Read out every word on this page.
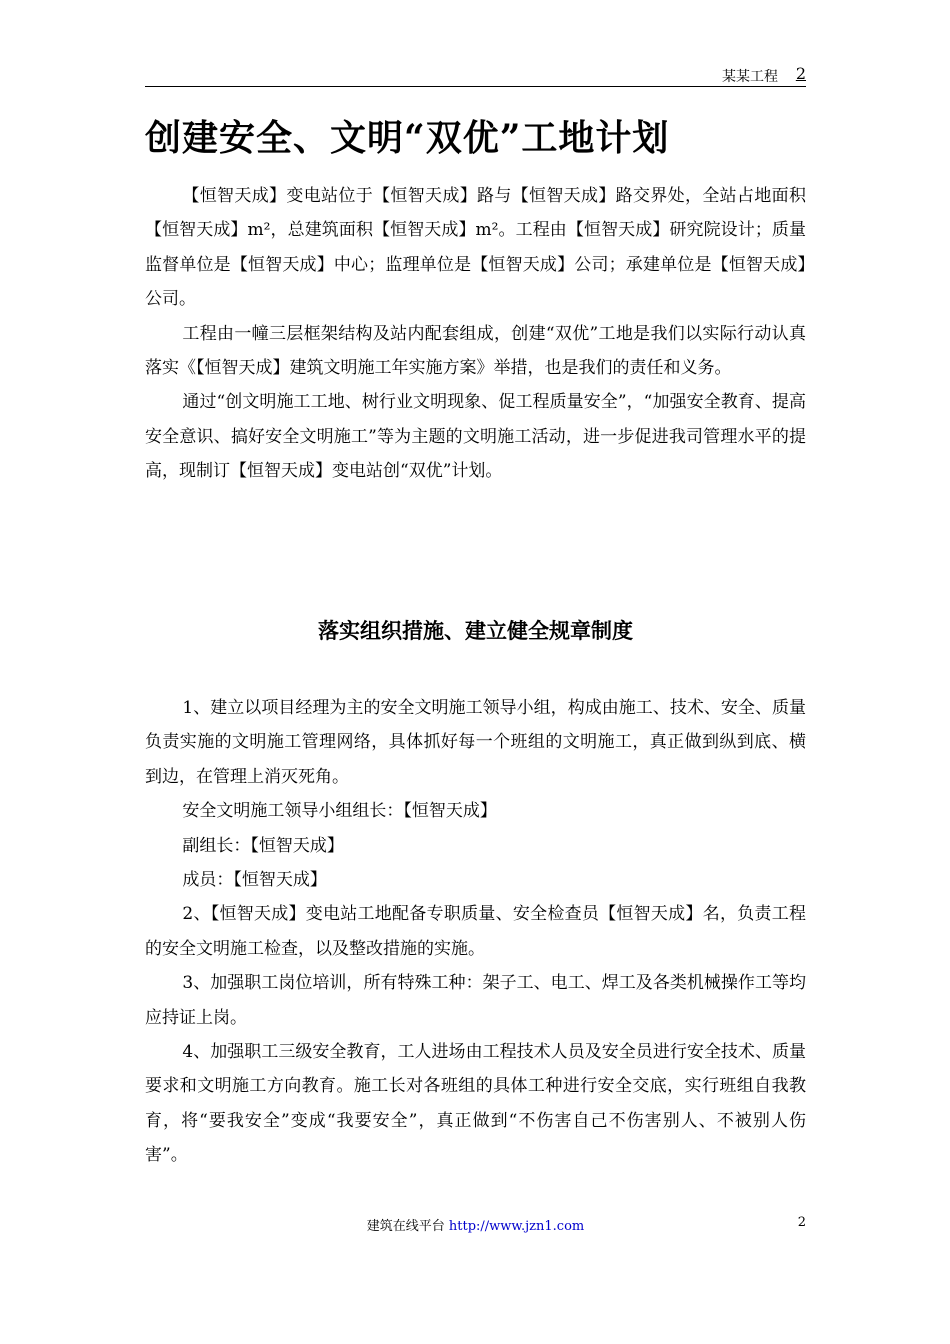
某某工程 2
创建安全、文明“双优”工地计划

【恒智天成】变电站位于【恒智天成】路与【恒智天成】路交界处，全站占地面积【恒智天成】m²，总建筑面积【恒智天成】m²。工程由【恒智天成】研究院设计；质量监督单位是【恒智天成】中心；监理单位是【恒智天成】公司；承建单位是【恒智天成】公司。

工程由一幢三层框架结构及站内配套组成，创建“双优”工地是我们以实际行动认真落实《【恒智天成】建筑文明施工年实施方案》举措，也是我们的责任和义务。

通过“创文明施工工地、树行业文明现象、促工程质量安全”，“加强安全教育、提高安全意识、搞好安全文明施工”等为主题的文明施工活动，进一步促进我司管理水平的提高，现制订【恒智天成】变电站创“双优”计划。

落实组织措施、建立健全规章制度

1、建立以项目经理为主的安全文明施工领导小组，构成由施工、技术、安全、质量负责实施的文明施工管理网络，具体抓好每一个班组的文明施工，真正做到纵到底、横到边，在管理上消灭死角。

安全文明施工领导小组组长：【恒智天成】

副组长：【恒智天成】

成员：【恒智天成】

2、【恒智天成】变电站工地配备专职质量、安全检查员【恒智天成】名，负责工程的安全文明施工检查，以及整改措施的实施。

3、加强职工岗位培训，所有特殊工种：架子工、电工、焊工及各类机械操作工等均应持证上岗。

4、加强职工三级安全教育，工人进场由工程技术人员及安全员进行安全技术、质量要求和文明施工方向教育。施工长对各班组的具体工种进行安全交底，实行班组自我教育，将“要我安全”变成“我要安全”，真正做到“不伤害自己不伤害别人、不被别人伤害”。

建筑在线平台 http://www.jzn1.com	2
